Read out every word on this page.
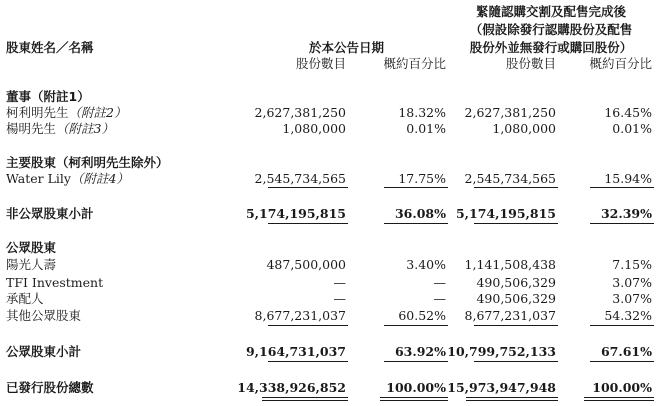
股東姓名／名稱	於本公告日期
緊隨認購交割及配售完成後
（假設除發行認購股份及配售
股份外並無發行或購回股份）
股份數目	概約百分比	股份數目	概約百分比
董事（附註1）
柯利明先生（附註2）	2,627,381,250	18.32%	2,627,381,250	16.45%
楊明先生（附註3）	1,080,000	0.01%	1,080,000	0.01%
主要股東（柯利明先生除外）
Water Lily（附註4）	2,545,734,565	17.75%	2,545,734,565	15.94%
非公眾股東小計	5,174,195,815	36.08% 5,174,195,815	32.39%
公眾股東
陽光人壽	487,500,000	3.40%	1,141,508,438	7.15%
TFI Investment	—	—	490,506,329	3.07%
承配人	—	—	490,506,329	3.07%
其他公眾股東	8,677,231,037	60.52%	8,677,231,037	54.32%
公眾股東小計	9,164,731,037	63.92% 10,799,752,133	67.61%
已發行股份總數	14,338,926,852	100.00% 15,973,947,948	100.00%
